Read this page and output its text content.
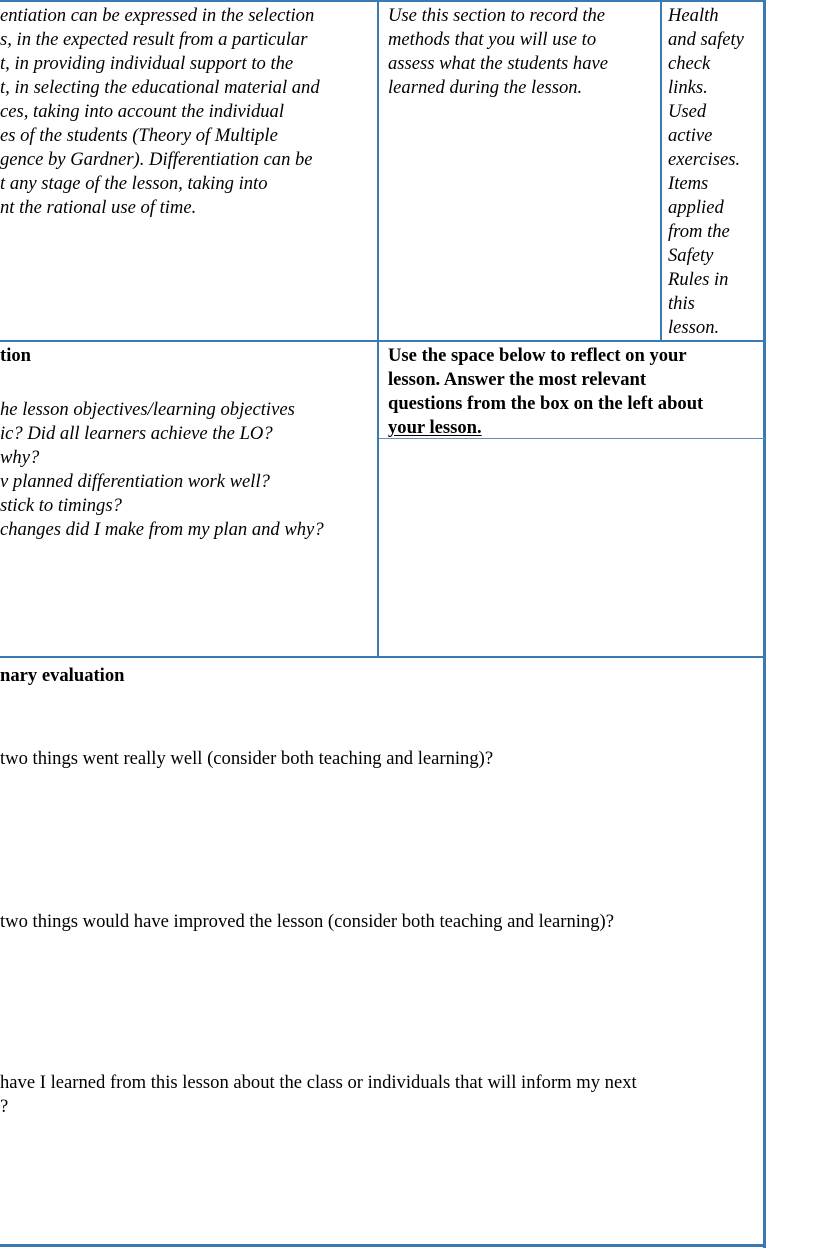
entiation can be expressed in the selection
s, in the expected result from a particular
t, in providing individual support to the
t, in selecting the educational material and
ces, taking into account the individual
es of the students (Theory of Multiple
gence by Gardner). Differentiation can be
t any stage of the lesson, taking into
nt the rational use of time.
Use this section to record the
methods that you will use to
assess what the students have
learned during the lesson.
Health
and safety
check
links.
Used
active
exercises.
Items
applied
from the
Safety
Rules in
this
lesson.
tion
he lesson objectives/learning objectives
ic? Did all learners achieve the LO?
why?
v planned differentiation work well?
stick to timings?
changes did I make from my plan and why?
Use the space below to reflect on your
lesson. Answer the most relevant
questions from the box on the left about
your lesson.
nary evaluation
two things went really well (consider both teaching and learning)?
two things would have improved the lesson (consider both teaching and learning)?
have I learned from this lesson about the class or individuals that will inform my next
?
